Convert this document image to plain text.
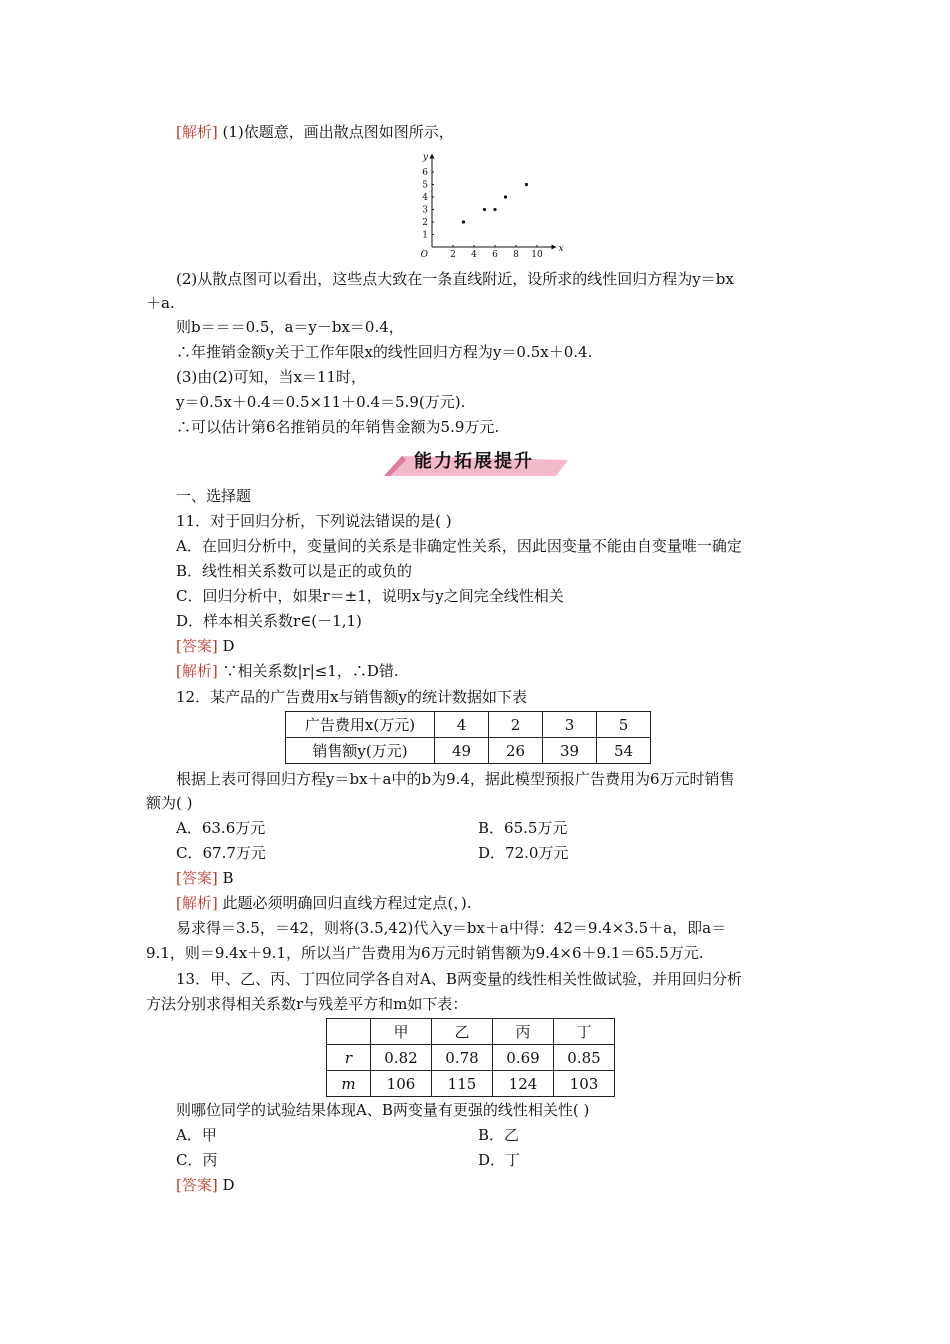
[解析] (1)依题意，画出散点图如图所示，
x
y
O
1
2
3
4
5
6
2 4 6 8 10
(2)从散点图可以看出，这些点大致在一条直线附近，设所求的线性回归方程为y＝bx
＋a.
则b＝＝＝0.5，a＝y－bx＝0.4，
∴年推销金额y关于工作年限x的线性回归方程为y＝0.5x＋0.4.
(3)由(2)可知，当x＝11时，
y＝0.5x＋0.4＝0.5×11＋0.4＝5.9(万元).
∴可以估计第6名推销员的年销售金额为5.9万元.
能力拓展提升
一、选择题
11．对于回归分析，下列说法错误的是( )
A．在回归分析中，变量间的关系是非确定性关系，因此因变量不能由自变量唯一确定
B．线性相关系数可以是正的或负的
C．回归分析中，如果r＝±1，说明x与y之间完全线性相关
D．样本相关系数r∈(－1,1)
[答案] D
[解析] ∵相关系数|r|≤1，∴D错.
12．某产品的广告费用x与销售额y的统计数据如下表
广告费用x(万元)	4	2	3	5
销售额y(万元)	49	26	39	54
根据上表可得回归方程y＝bx＋a中的b为9.4，据此模型预报广告费用为6万元时销售
额为( )
A．63.6万元	B．65.5万元
C．67.7万元	D．72.0万元
[答案] B
[解析] 此题必须明确回归直线方程过定点(，).
易求得＝3.5，＝42，则将(3.5,42)代入y＝bx＋a中得：42＝9.4×3.5＋a，即a＝
9.1，则＝9.4x＋9.1，所以当广告费用为6万元时销售额为9.4×6＋9.1＝65.5万元.
13．甲、乙、丙、丁四位同学各自对A、B两变量的线性相关性做试验，并用回归分析
方法分别求得相关系数r与残差平方和m如下表：
	甲	乙	丙	丁
r	0.82	0.78	0.69	0.85
m	106	115	124	103
则哪位同学的试验结果体现A、B两变量有更强的线性相关性( )
A．甲	B．乙
C．丙	D．丁
[答案] D
